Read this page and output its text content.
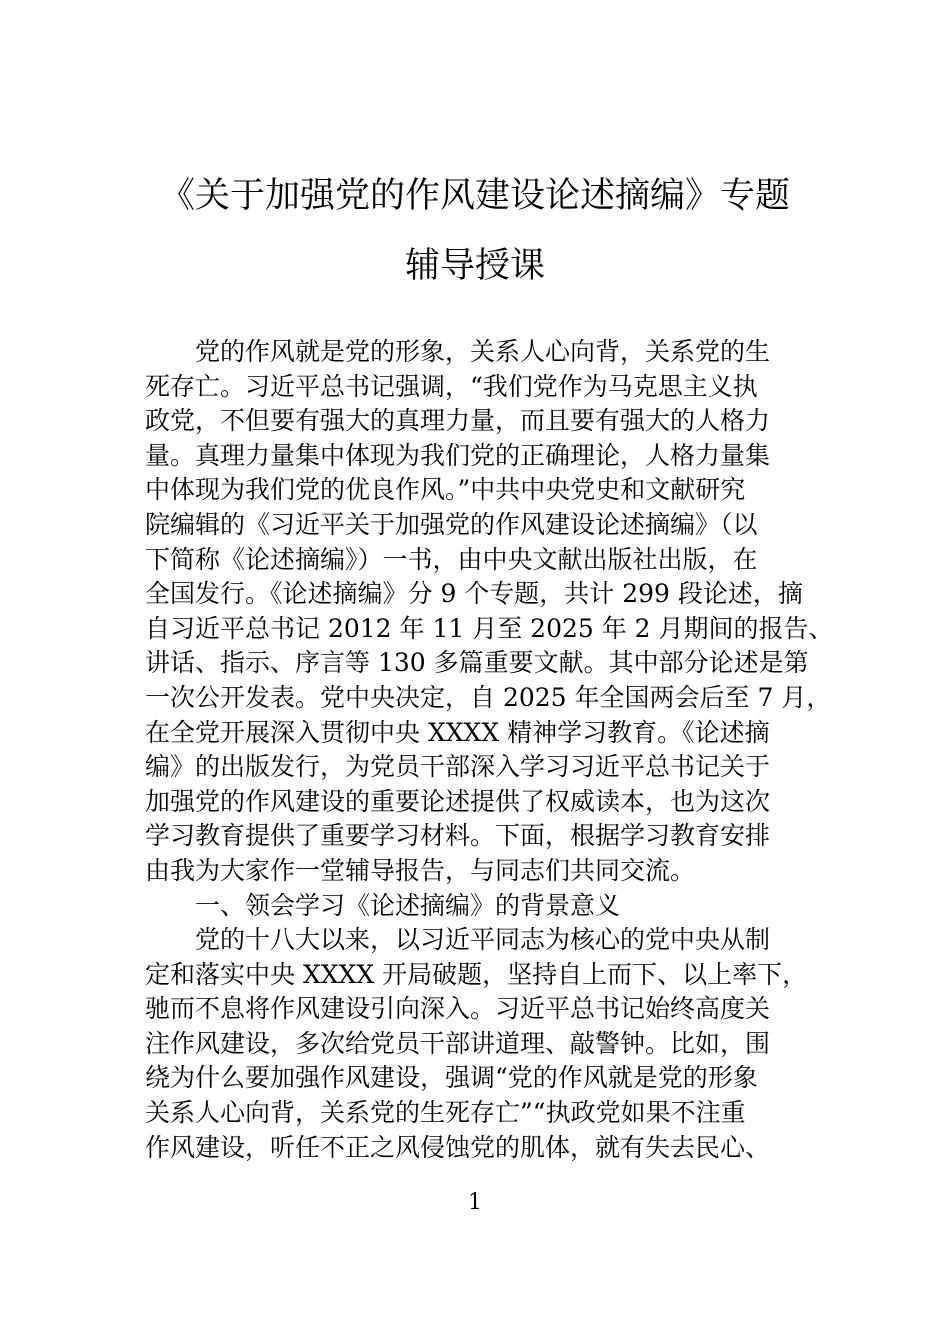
《关于加强党的作风建设论述摘编》专题
辅导授课
党的作风就是党的形象，关系人心向背，关系党的生
死存亡。习近平总书记强调，“我们党作为马克思主义执
政党，不但要有强大的真理力量，而且要有强大的人格力
量。真理力量集中体现为我们党的正确理论，人格力量集
中体现为我们党的优良作风。”中共中央党史和文献研究
院编辑的《习近平关于加强党的作风建设论述摘编》（以
下简称《论述摘编》）一书，由中央文献出版社出版，在
全国发行。《论述摘编》分 9 个专题，共计 299 段论述，摘
自习近平总书记 2012 年 11 月至 2025 年 2 月期间的报告、
讲话、指示、序言等 130 多篇重要文献。其中部分论述是第
一次公开发表。党中央决定，自 2025 年全国两会后至 7 月，
在全党开展深入贯彻中央 XXXX 精神学习教育。《论述摘
编》的出版发行，为党员干部深入学习习近平总书记关于
加强党的作风建设的重要论述提供了权威读本，也为这次
学习教育提供了重要学习材料。下面，根据学习教育安排
由我为大家作一堂辅导报告，与同志们共同交流。
一、领会学习《论述摘编》的背景意义
党的十八大以来，以习近平同志为核心的党中央从制
定和落实中央 XXXX 开局破题，坚持自上而下、以上率下，
驰而不息将作风建设引向深入。习近平总书记始终高度关
注作风建设，多次给党员干部讲道理、敲警钟。比如，围
绕为什么要加强作风建设，强调“党的作风就是党的形象
关系人心向背，关系党的生死存亡”“执政党如果不注重
作风建设，听任不正之风侵蚀党的肌体，就有失去民心、
1
